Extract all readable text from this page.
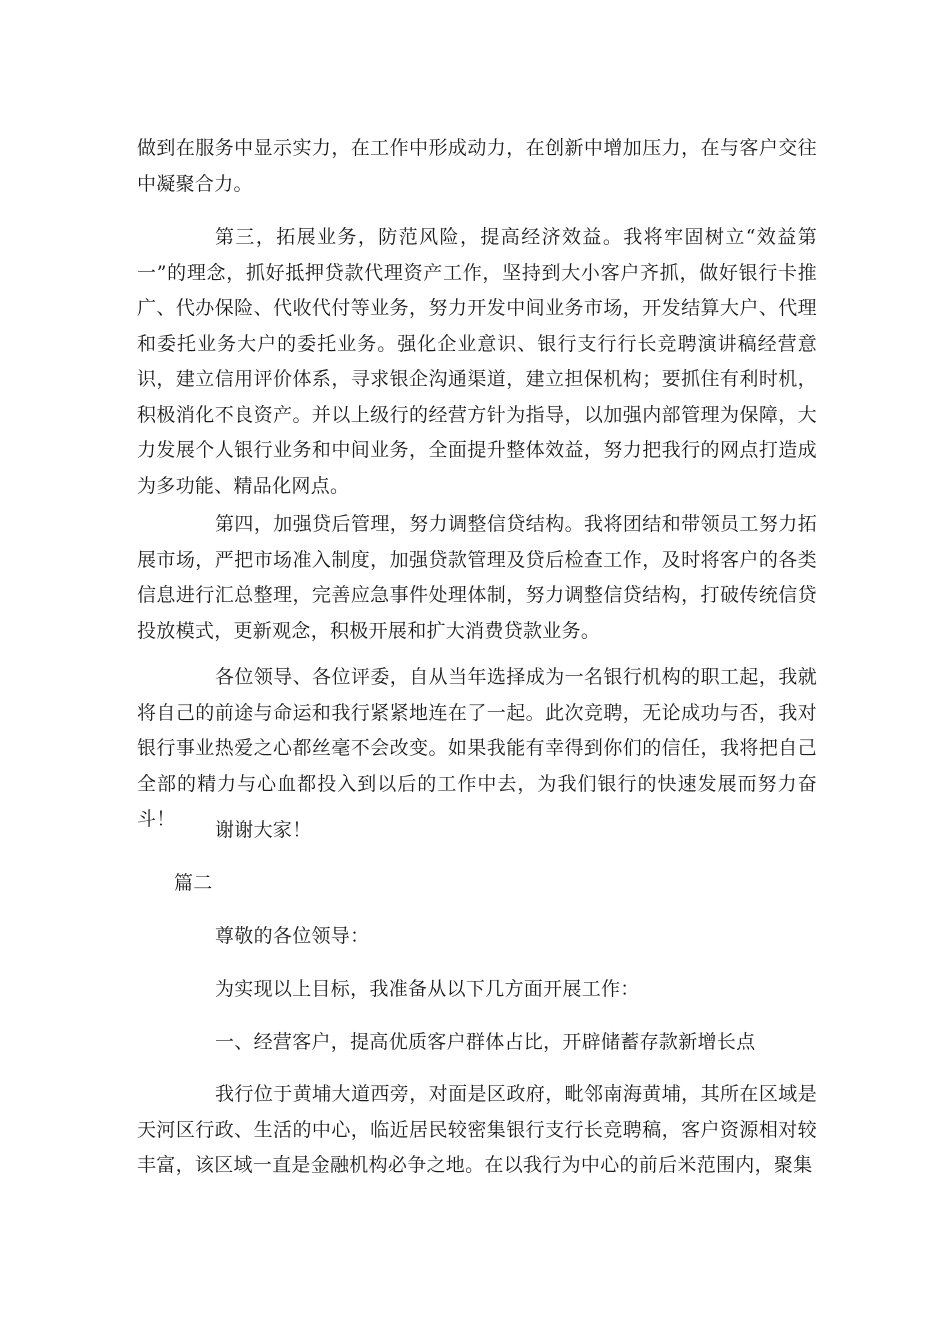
做到在服务中显示实力，在工作中形成动力，在创新中增加压力，在与客户交往中凝聚合力。

第三，拓展业务，防范风险，提高经济效益。我将牢固树立“效益第一”的理念，抓好抵押贷款代理资产工作，坚持到大小客户齐抓，做好银行卡推广、代办保险、代收代付等业务，努力开发中间业务市场，开发结算大户、代理和委托业务大户的委托业务。强化企业意识、银行支行行长竞聘演讲稿经营意识，建立信用评价体系，寻求银企沟通渠道，建立担保机构；要抓住有利时机，积极消化不良资产。并以上级行的经营方针为指导，以加强内部管理为保障，大力发展个人银行业务和中间业务，全面提升整体效益，努力把我行的网点打造成为多功能、精品化网点。

第四，加强贷后管理，努力调整信贷结构。我将团结和带领员工努力拓展市场，严把市场准入制度，加强贷款管理及贷后检查工作，及时将客户的各类信息进行汇总整理，完善应急事件处理体制，努力调整信贷结构，打破传统信贷投放模式，更新观念，积极开展和扩大消费贷款业务。

各位领导、各位评委，自从当年选择成为一名银行机构的职工起，我就将自己的前途与命运和我行紧紧地连在了一起。此次竞聘，无论成功与否，我对银行事业热爱之心都丝毫不会改变。如果我能有幸得到你们的信任，我将把自己全部的精力与心血都投入到以后的工作中去，为我们银行的快速发展而努力奋斗！	谢谢大家！

篇二

尊敬的各位领导：

为实现以上目标，我准备从以下几方面开展工作：

一、经营客户，提高优质客户群体占比，开辟储蓄存款新增长点

我行位于黄埔大道西旁，对面是区政府，毗邻南海黄埔，其所在区域是天河区行政、生活的中心，临近居民较密集银行支行长竞聘稿，客户资源相对较丰富，该区域一直是金融机构必争之地。在以我行为中心的前后米范围内，聚集
